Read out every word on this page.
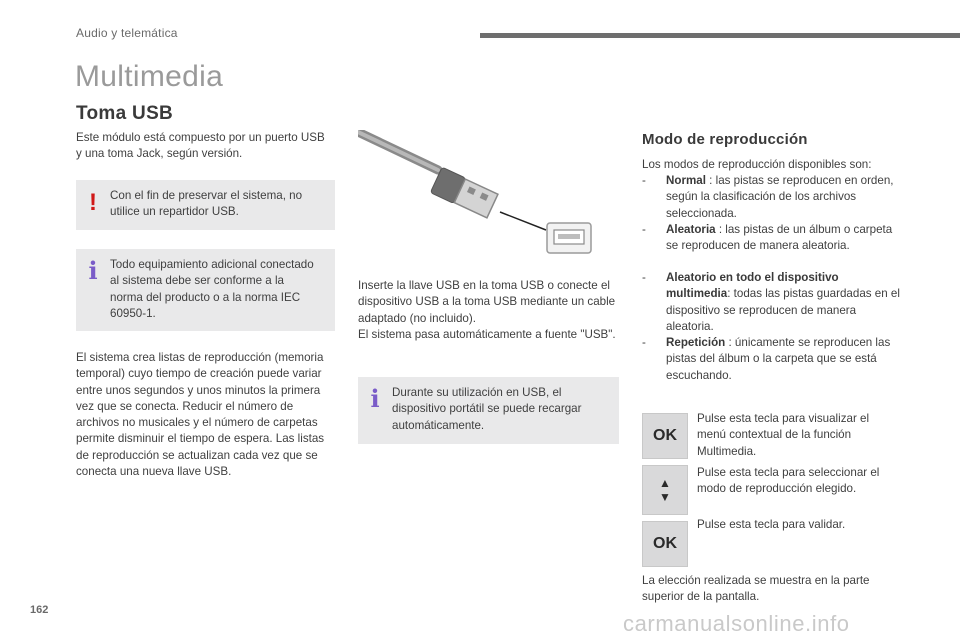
Audio y telemática
Multimedia
Toma USB

Este módulo está compuesto por un puerto USB y una toma Jack, según versión.

! Con el fin de preservar el sistema, no utilice un repartidor USB.
i Todo equipamiento adicional conectado al sistema debe ser conforme a la norma del producto o a la norma IEC 60950-1.

El sistema crea listas de reproducción (memoria temporal) cuyo tiempo de creación puede variar entre unos segundos y unos minutos la primera vez que se conecta. Reducir el número de archivos no musicales y el número de carpetas permite disminuir el tiempo de espera. Las listas de reproducción se actualizan cada vez que se conecta una nueva llave USB.

Inserte la llave USB en la toma USB o conecte el dispositivo USB a la toma USB mediante un cable adaptado (no incluido).

El sistema pasa automáticamente a fuente "USB".

i Durante su utilización en USB, el dispositivo portátil se puede recargar automáticamente.
Modo de reproducción

Los modos de reproducción disponibles son:

- Normal : las pistas se reproducen en orden, según la clasificación de los archivos seleccionada.
- Aleatoria : las pistas de un álbum o carpeta se reproducen de manera aleatoria.
- Aleatorio en todo el dispositivo multimedia: todas las pistas guardadas en el dispositivo se reproducen de manera aleatoria.
- Repetición : únicamente se reproducen las pistas del álbum o la carpeta que se está escuchando.
OK

Pulse esta tecla para visualizar el menú contextual de la función Multimedia.

▲
▼

Pulse esta tecla para seleccionar el modo de reproducción elegido.

OK

Pulse esta tecla para validar.

La elección realizada se muestra en la parte superior de la pantalla.

162
carmanualsonline.info
